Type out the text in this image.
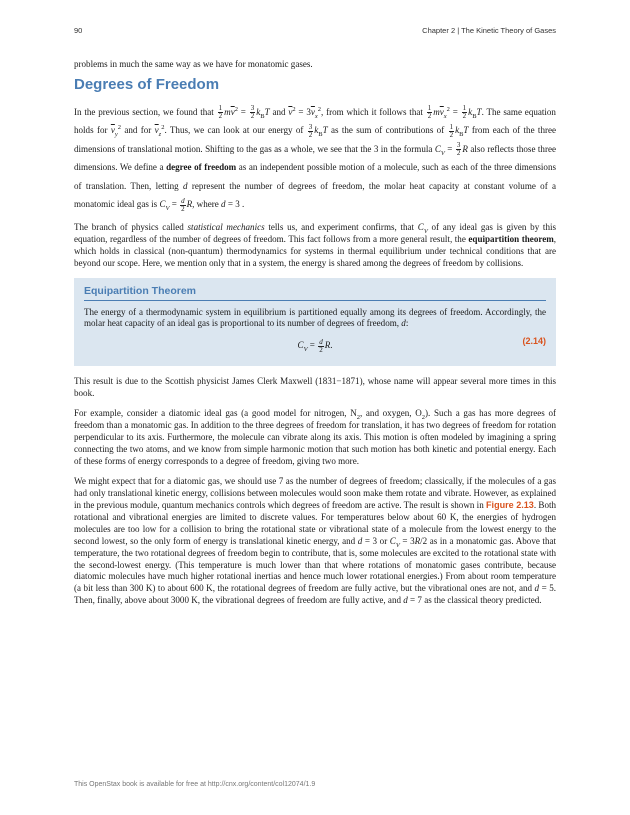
90	Chapter 2 | The Kinetic Theory of Gases

problems in much the same way as we have for monatomic gases.

Degrees of Freedom

In the previous section, we found that $\frac{1}{2} m\overline{v}^2 = \frac{3}{2} k_BT$ and $\overline{v}^2 = 3\overline{v}_x^2$, from which it follows that $\frac{1}{2} m\overline{v}_x^2 = \frac{1}{2} k_BT$. The same equation holds for $\overline{v}_y^2$ and for $\overline{v}_z^2$. Thus, we can look at our energy of $\frac{3}{2} k_BT$ as the sum of contributions of $\frac{1}{2} k_BT$ from each of the three dimensions of translational motion. Shifting to the gas as a whole, we see that the 3 in the formula $C_V = \frac{3}{2}$ R also reflects those three dimensions. We define a degree of freedom as an independent possible motion of a molecule, such as each of the three dimensions of translation. Then, letting d represent the number of degrees of freedom, the molar heat capacity at constant volume of a monatomic ideal gas is $C_V = \frac{d}{2} R$, where d = 3 .

The branch of physics called statistical mechanics tells us, and experiment confirms, that $C_V$ of any ideal gas is given by this equation, regardless of the number of degrees of freedom. This fact follows from a more general result, the equipartition theorem, which holds in classical (non-quantum) thermodynamics for systems in thermal equilibrium under technical conditions that are beyond our scope. Here, we mention only that in a system, the energy is shared among the degrees of freedom by collisions.

Equipartition Theorem

The energy of a thermodynamic system in equilibrium is partitioned equally among its degrees of freedom. Accordingly, the molar heat capacity of an ideal gas is proportional to its number of degrees of freedom, d:

$C_V = \frac{d}{2} R$.	(2.14)

This result is due to the Scottish physicist James Clerk Maxwell (1831−1871), whose name will appear several more times in this book.

For example, consider a diatomic ideal gas (a good model for nitrogen, $N_2$, and oxygen, $O_2$). Such a gas has more degrees of freedom than a monatomic gas. In addition to the three degrees of freedom for translation, it has two degrees of freedom for rotation perpendicular to its axis. Furthermore, the molecule can vibrate along its axis. This motion is often modeled by imagining a spring connecting the two atoms, and we know from simple harmonic motion that such motion has both kinetic and potential energy. Each of these forms of energy corresponds to a degree of freedom, giving two more.

We might expect that for a diatomic gas, we should use 7 as the number of degrees of freedom; classically, if the molecules of a gas had only translational kinetic energy, collisions between molecules would soon make them rotate and vibrate. However, as explained in the previous module, quantum mechanics controls which degrees of freedom are active. The result is shown in Figure 2.13. Both rotational and vibrational energies are limited to discrete values. For temperatures below about 60 K, the energies of hydrogen molecules are too low for a collision to bring the rotational state or vibrational state of a molecule from the lowest energy to the second lowest, so the only form of energy is translational kinetic energy, and d = 3 or $C_V = 3R/2$ as in a monatomic gas. Above that temperature, the two rotational degrees of freedom begin to contribute, that is, some molecules are excited to the rotational state with the second-lowest energy. (This temperature is much lower than that where rotations of monatomic gases contribute, because diatomic molecules have much higher rotational inertias and hence much lower rotational energies.) From about room temperature (a bit less than 300 K) to about 600 K, the rotational degrees of freedom are fully active, but the vibrational ones are not, and d = 5. Then, finally, above about 3000 K, the vibrational degrees of freedom are fully active, and d = 7 as the classical theory predicted.

This OpenStax book is available for free at http://cnx.org/content/col12074/1.9
